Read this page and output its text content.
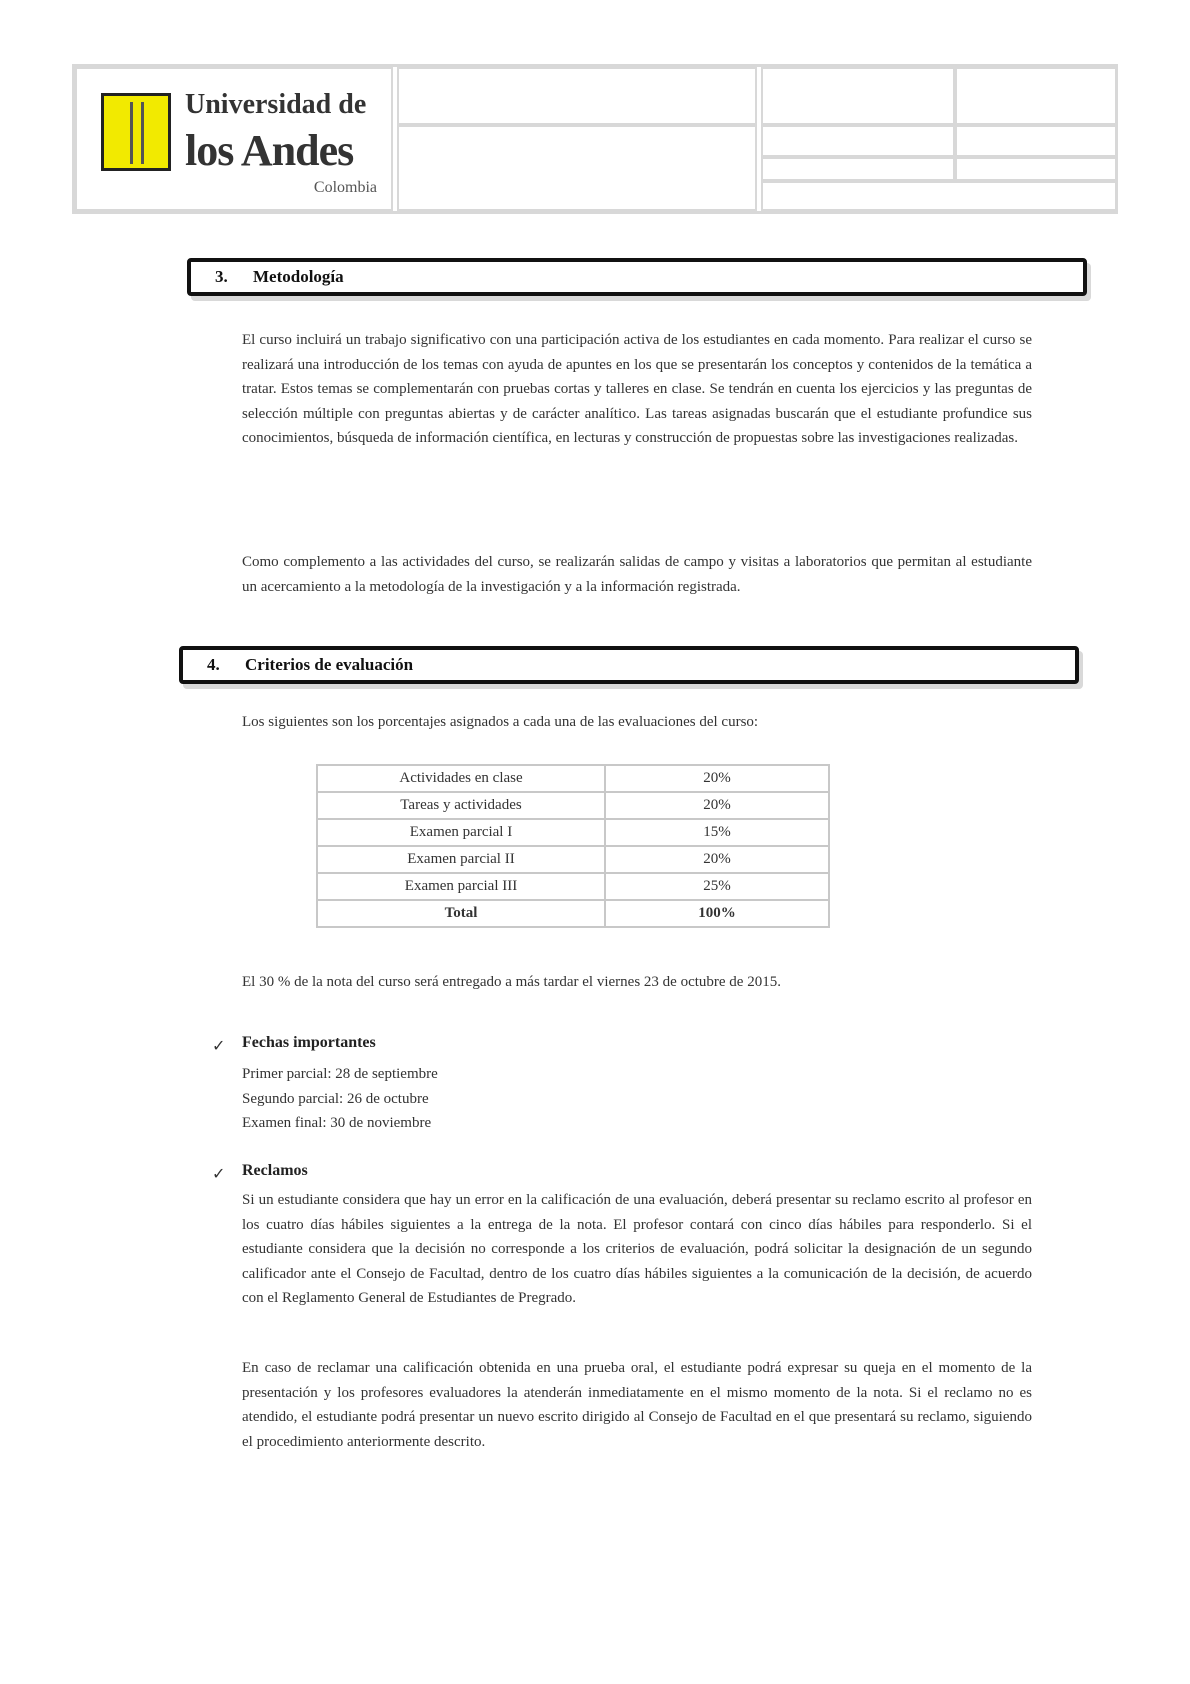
Universidad de
los Andes
Colombia
3. Metodología

El curso incluirá un trabajo significativo con una participación activa de los estudiantes en cada momento. Para realizar el curso se realizará una introducción de los temas con ayuda de apuntes en los que se presentarán los conceptos y contenidos de la temática a tratar. Estos temas se complementarán con pruebas cortas y talleres en clase. Se tendrán en cuenta los ejercicios y las preguntas de selección múltiple con preguntas abiertas y de carácter analítico. Las tareas asignadas buscarán que el estudiante profundice sus conocimientos, búsqueda de información científica, en lecturas y construcción de propuestas sobre las investigaciones realizadas.

Como complemento a las actividades del curso, se realizarán salidas de campo y visitas a laboratorios que permitan al estudiante un acercamiento a la metodología de la investigación y a la información registrada.

4. Criterios de evaluación
Los siguientes son los porcentajes asignados a cada una de las evaluaciones del curso:
Actividades en clase	20%
Tareas y actividades	20%
Examen parcial I	15%
Examen parcial II	20%
Examen parcial III	25%
Total	100%
El 30 % de la nota del curso será entregado a más tardar el viernes 23 de octubre de 2015.
✓ Fechas importantes
Primer parcial: 28 de septiembre
Segundo parcial: 26 de octubre
Examen final: 30 de noviembre
✓ Reclamos

Si un estudiante considera que hay un error en la calificación de una evaluación, deberá presentar su reclamo escrito al profesor en los cuatro días hábiles siguientes a la entrega de la nota. El profesor contará con cinco días hábiles para responderlo. Si el estudiante considera que la decisión no corresponde a los criterios de evaluación, podrá solicitar la designación de un segundo calificador ante el Consejo de Facultad, dentro de los cuatro días hábiles siguientes a la comunicación de la decisión, de acuerdo con el Reglamento General de Estudiantes de Pregrado.

En caso de reclamar una calificación obtenida en una prueba oral, el estudiante podrá expresar su queja en el momento de la presentación y los profesores evaluadores la atenderán inmediatamente en el mismo momento de la nota. Si el reclamo no es atendido, el estudiante podrá presentar un nuevo escrito dirigido al Consejo de Facultad en el que presentará su reclamo, siguiendo el procedimiento anteriormente descrito.
